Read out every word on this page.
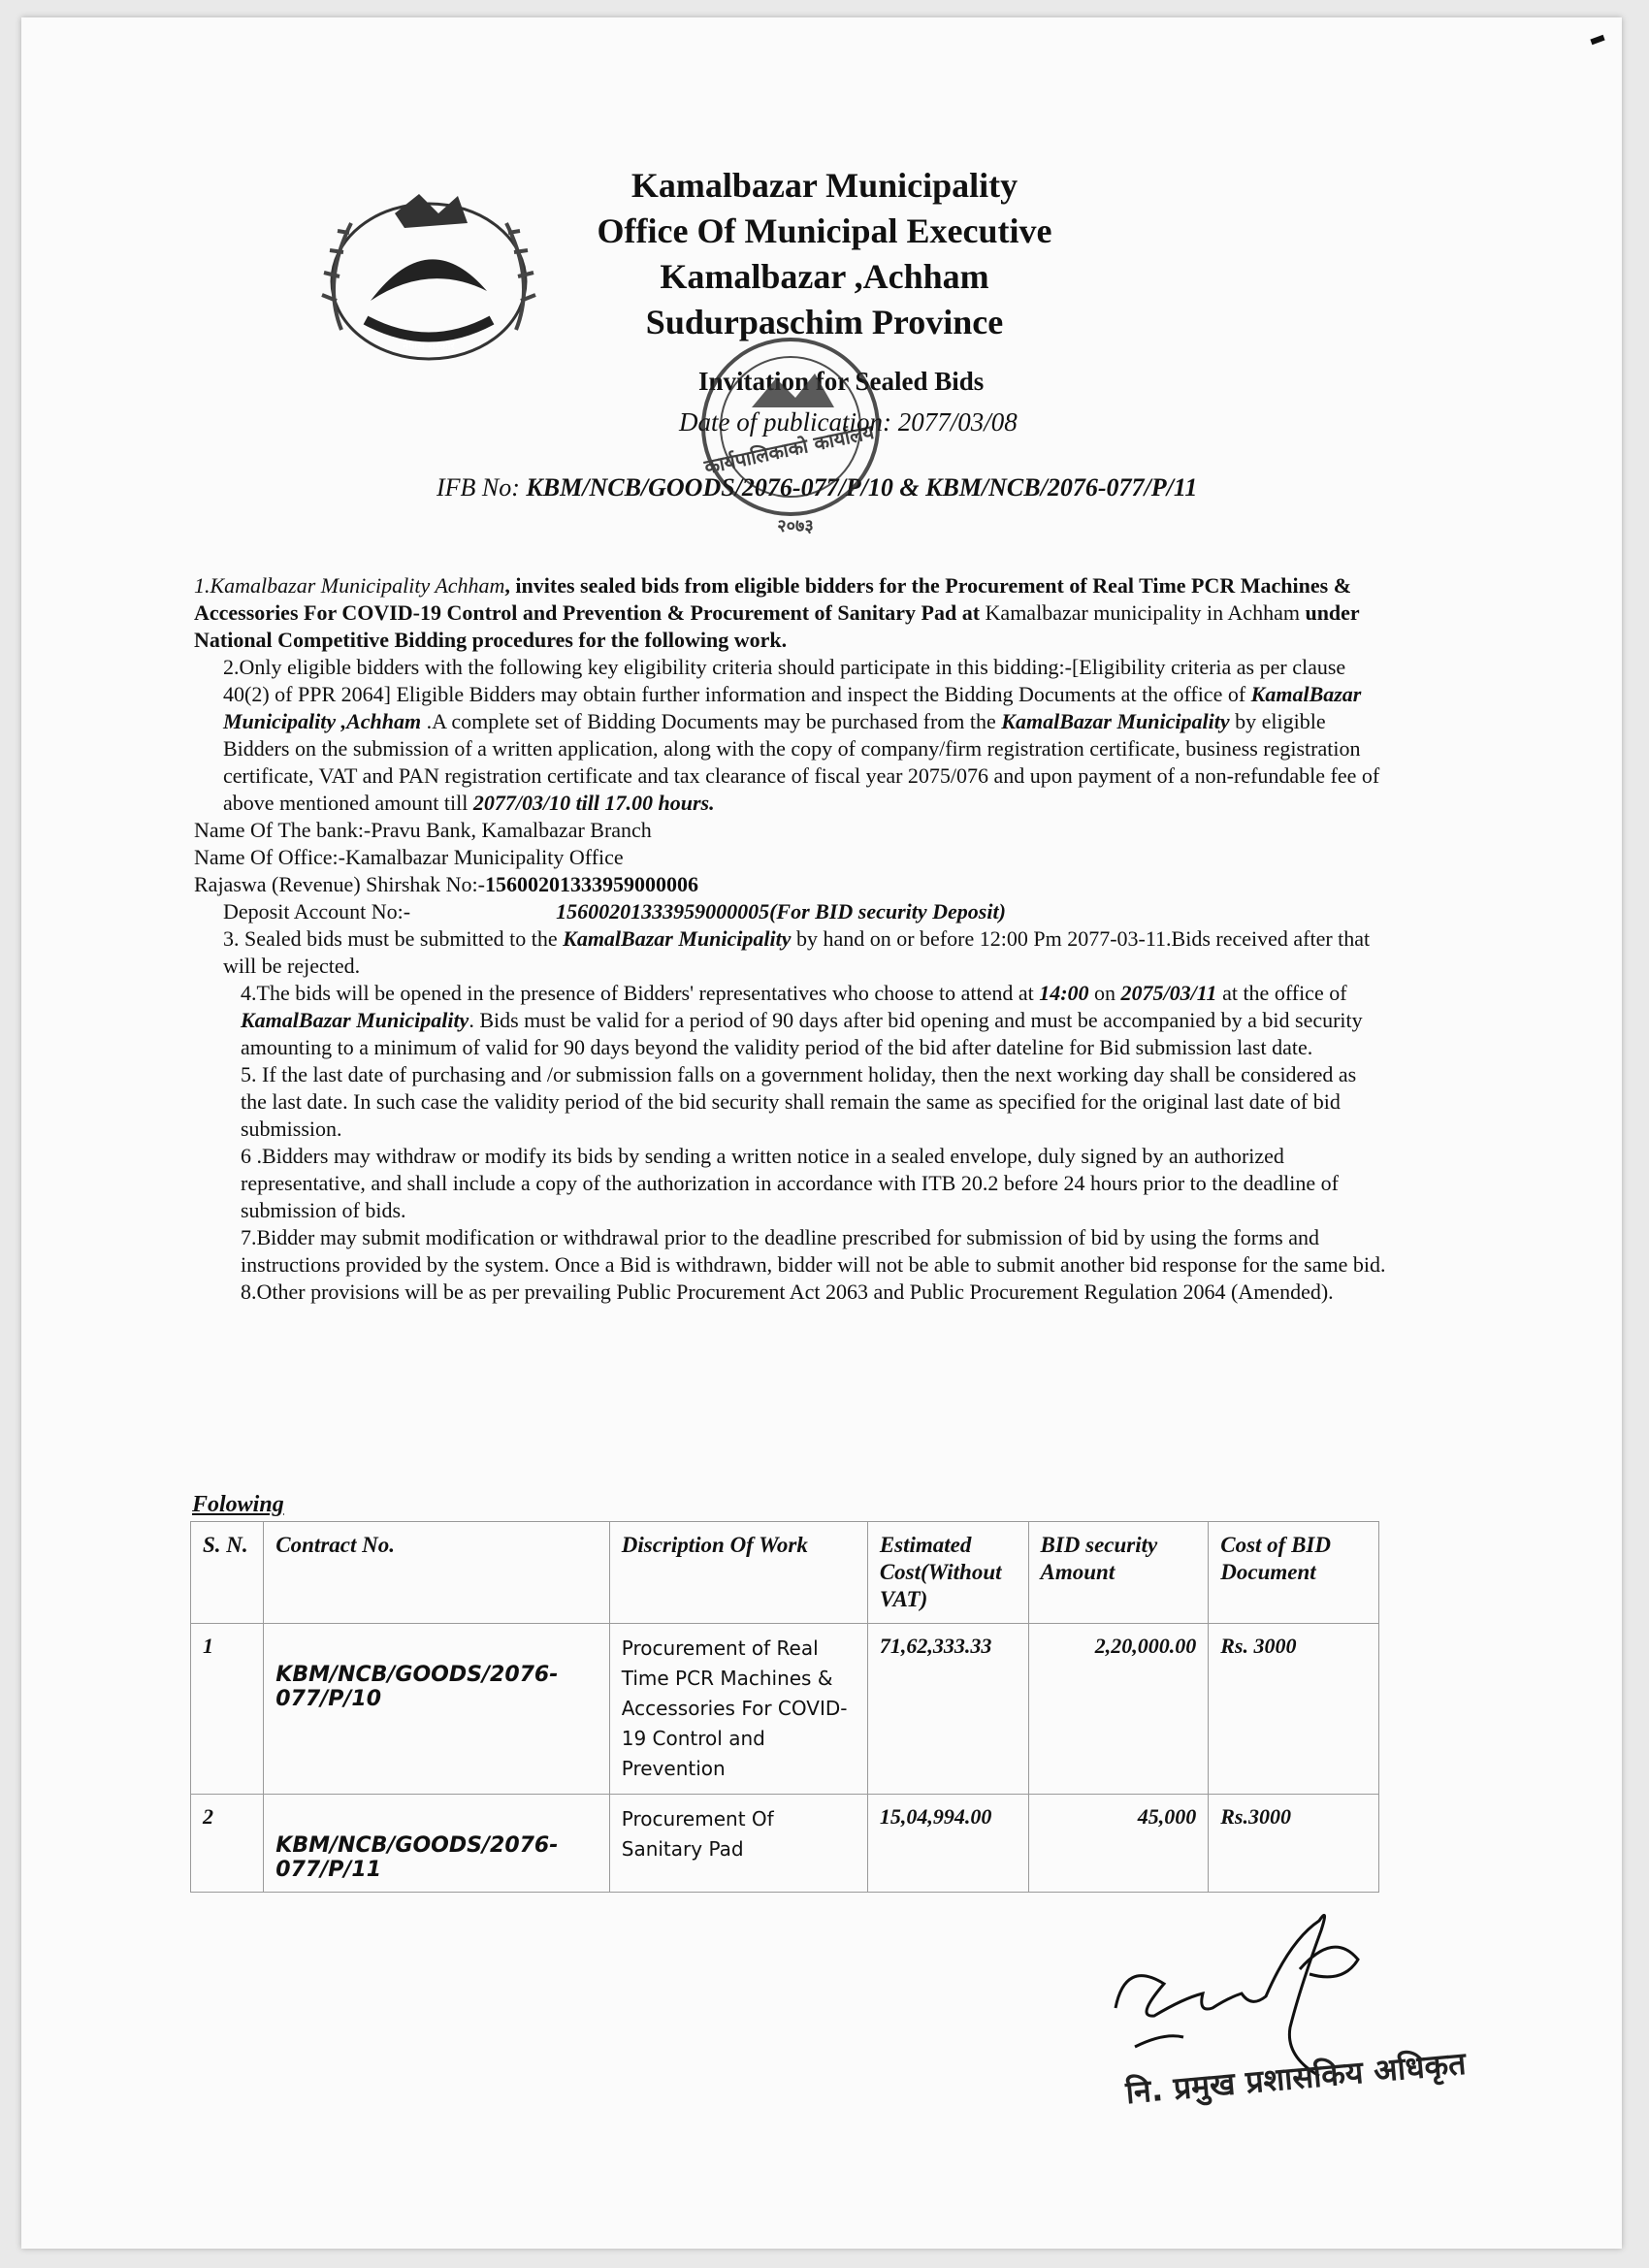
नेपाल सरकार
Kamalbazar Municipality
Office Of Municipal Executive
Kamalbazar ,Achham
Sudurpaschim Province
Invitation for Sealed Bids
Date of publication: 2077/03/08
IFB No: KBM/NCB/GOODS/2076-077/P/10 & KBM/NCB/2076-077/P/11
कार्यपालिकाको कार्यालय
२०७३

1.Kamalbazar Municipality Achham, invites sealed bids from eligible bidders for the Procurement of Real Time PCR Machines & Accessories For COVID-19 Control and Prevention & Procurement of Sanitary Pad at Kamalbazar municipality in Achham under National Competitive Bidding procedures for the following work.

2.Only eligible bidders with the following key eligibility criteria should participate in this bidding:-[Eligibility criteria as per clause 40(2) of PPR 2064] Eligible Bidders may obtain further information and inspect the Bidding Documents at the office of KamalBazar Municipality ,Achham .A complete set of Bidding Documents may be purchased from the KamalBazar Municipality by eligible Bidders on the submission of a written application, along with the copy of company/firm registration certificate, business registration certificate, VAT and PAN registration certificate and tax clearance of fiscal year 2075/076 and upon payment of a non-refundable fee of above mentioned amount till 2077/03/10 till 17.00 hours.

Name Of The bank:-Pravu Bank, Kamalbazar Branch

Name Of Office:-Kamalbazar Municipality Office

Rajaswa (Revenue) Shirshak No:-15600201333959000006

Deposit Account No:-	15600201333959000005(For BID security Deposit)

3. Sealed bids must be submitted to the KamalBazar Municipality by hand on or before 12:00 Pm 2077-03-11.Bids received after that will be rejected.

4.The bids will be opened in the presence of Bidders' representatives who choose to attend at 14:00 on 2075/03/11 at the office of KamalBazar Municipality. Bids must be valid for a period of 90 days after bid opening and must be accompanied by a bid security amounting to a minimum of valid for 90 days beyond the validity period of the bid after dateline for Bid submission last date.

5. If the last date of purchasing and /or submission falls on a government holiday, then the next working day shall be considered as the last date. In such case the validity period of the bid security shall remain the same as specified for the original last date of bid submission.

6 .Bidders may withdraw or modify its bids by sending a written notice in a sealed envelope, duly signed by an authorized representative, and shall include a copy of the authorization in accordance with ITB 20.2 before 24 hours prior to the deadline of submission of bids.

7.Bidder may submit modification or withdrawal prior to the deadline prescribed for submission of bid by using the forms and instructions provided by the system. Once a Bid is withdrawn, bidder will not be able to submit another bid response for the same bid.

8.Other provisions will be as per prevailing Public Procurement Act 2063 and Public Procurement Regulation 2064 (Amended).

Folowing
S. N.	Contract No.	Discription Of Work	Estimated Cost(Without VAT)	BID security Amount	Cost of BID Document
1	KBM/NCB/GOODS/2076-077/P/10	Procurement of Real Time PCR Machines & Accessories For COVID-19 Control and Prevention	71,62,333.33	2,20,000.00	Rs. 3000
2	KBM/NCB/GOODS/2076-077/P/11	Procurement Of Sanitary Pad	15,04,994.00	45,000	Rs.3000
नि. प्रमुख प्रशासकिय अधिकृत
